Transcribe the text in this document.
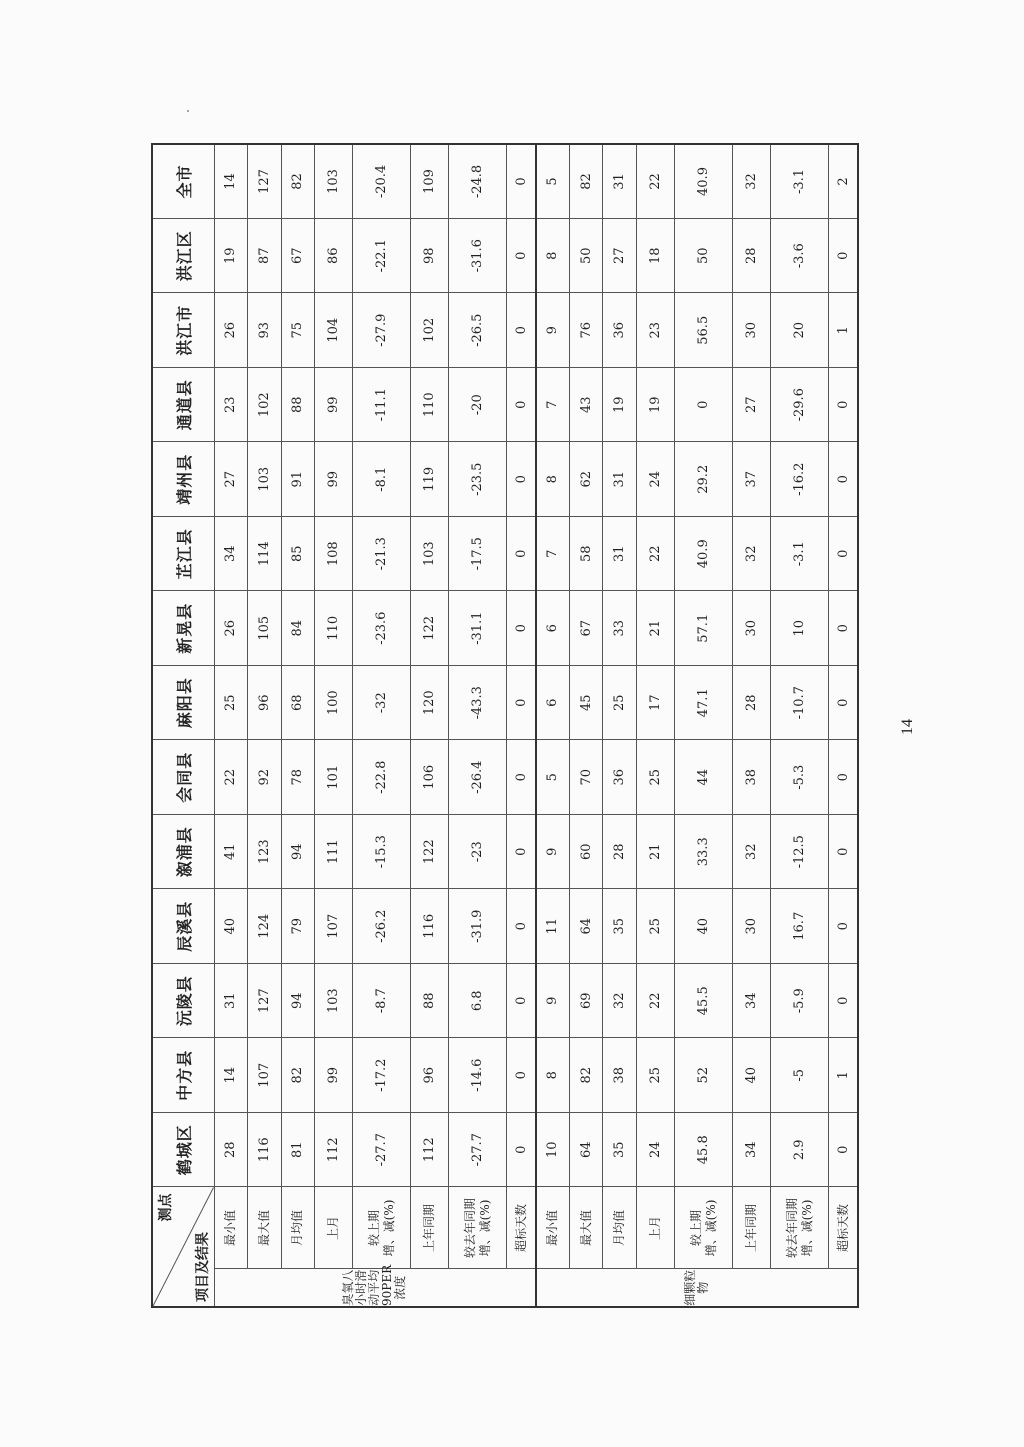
测点
项目及结果		鹤城区	中方县	沅陵县	辰溪县	溆浦县	会同县	麻阳县	新晃县	芷江县	靖州县	通道县	洪江市	洪江区	全市
臭氧八小时滑动平均90PER浓度	最小值	28	14	31	40	41	22	25	26	34	27	23	26	19	14
	最大值	116	107	127	124	123	92	96	105	114	103	102	93	87	127
	月均值	81	82	94	79	94	78	68	84	85	91	88	75	67	82
	上月	112	99	103	107	111	101	100	110	108	99	99	104	86	103
	较上期
增、减(%)	-27.7	-17.2	-8.7	-26.2	-15.3	-22.8	-32	-23.6	-21.3	-8.1	-11.1	-27.9	-22.1	-20.4
	上年同期	112	96	88	116	122	106	120	122	103	119	110	102	98	109
	较去年同期
增、减(%)	-27.7	-14.6	6.8	-31.9	-23	-26.4	-43.3	-31.1	-17.5	-23.5	-20	-26.5	-31.6	-24.8
	超标天数	0	0	0	0	0	0	0	0	0	0	0	0	0	0
细颗粒物	最小值	10	8	9	11	9	5	6	6	7	8	7	9	8	5
	最大值	64	82	69	64	60	70	45	67	58	62	43	76	50	82
	月均值	35	38	32	35	28	36	25	33	31	31	19	36	27	31
	上月	24	25	22	25	21	25	17	21	22	24	19	23	18	22
	较上期
增、减(%)	45.8	52	45.5	40	33.3	44	47.1	57.1	40.9	29.2	0	56.5	50	40.9
	上年同期	34	40	34	30	32	38	28	30	32	37	27	30	28	32
	较去年同期
增、减(%)	2.9	-5	-5.9	16.7	-12.5	-5.3	-10.7	10	-3.1	-16.2	-29.6	20	-3.6	-3.1
	超标天数	0	1	0	0	0	0	0	0	0	0	0	1	0	2
14
